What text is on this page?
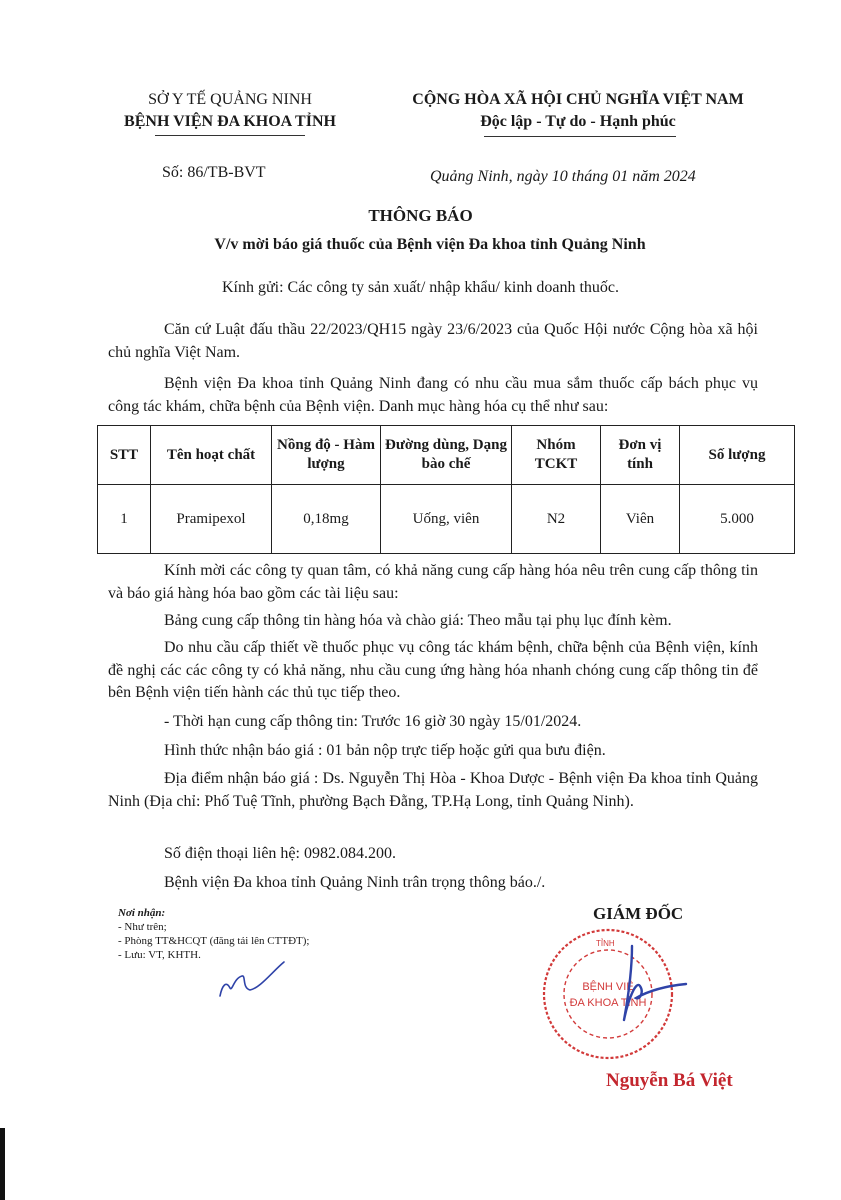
SỞ Y TẾ QUẢNG NINH
BỆNH VIỆN ĐA KHOA TỈNH
CỘNG HÒA XÃ HỘI CHỦ NGHĨA VIỆT NAM
Độc lập - Tự do - Hạnh phúc
Số: 86/TB-BVT	Quảng Ninh, ngày 10 tháng 01 năm 2024
THÔNG BÁO
V/v mời báo giá thuốc của Bệnh viện Đa khoa tỉnh Quảng Ninh
Kính gửi: Các công ty sản xuất/ nhập khẩu/ kinh doanh thuốc.
Căn cứ Luật đấu thầu 22/2023/QH15 ngày 23/6/2023 của Quốc Hội nước Cộng hòa xã hội chủ nghĩa Việt Nam.
Bệnh viện Đa khoa tỉnh Quảng Ninh đang có nhu cầu mua sắm thuốc cấp bách phục vụ công tác khám, chữa bệnh của Bệnh viện. Danh mục hàng hóa cụ thể như sau:
STT	Tên hoạt chất	Nồng độ - Hàm lượng	Đường dùng, Dạng bào chế	Nhóm TCKT	Đơn vị tính	Số lượng
1	Pramipexol	0,18mg	Uống, viên	N2	Viên	5.000
Kính mời các công ty quan tâm, có khả năng cung cấp hàng hóa nêu trên cung cấp thông tin và báo giá hàng hóa bao gồm các tài liệu sau:
Bảng cung cấp thông tin hàng hóa và chào giá: Theo mẫu tại phụ lục đính kèm.
Do nhu cầu cấp thiết về thuốc phục vụ công tác khám bệnh, chữa bệnh của Bệnh viện, kính đề nghị các các công ty có khả năng, nhu cầu cung ứng hàng hóa nhanh chóng cung cấp thông tin để bên Bệnh viện tiến hành các thủ tục tiếp theo.
- Thời hạn cung cấp thông tin: Trước 16 giờ 30 ngày 15/01/2024.
Hình thức nhận báo giá : 01 bản nộp trực tiếp hoặc gửi qua bưu điện.
Địa điểm nhận báo giá : Ds. Nguyễn Thị Hòa - Khoa Dược - Bệnh viện Đa khoa tỉnh Quảng Ninh (Địa chỉ: Phố Tuệ Tĩnh, phường Bạch Đằng, TP.Hạ Long, tỉnh Quảng Ninh).
Số điện thoại liên hệ: 0982.084.200.
Bệnh viện Đa khoa tỉnh Quảng Ninh trân trọng thông báo./.
Nơi nhận:
- Như trên;
- Phòng TT&HCQT (đăng tải lên CTTĐT);
- Lưu: VT, KHTH.
GIÁM ĐỐC
TỈNH
BỆNH VIỆ
ĐA KHOA TỈNH
Nguyễn Bá Việt
